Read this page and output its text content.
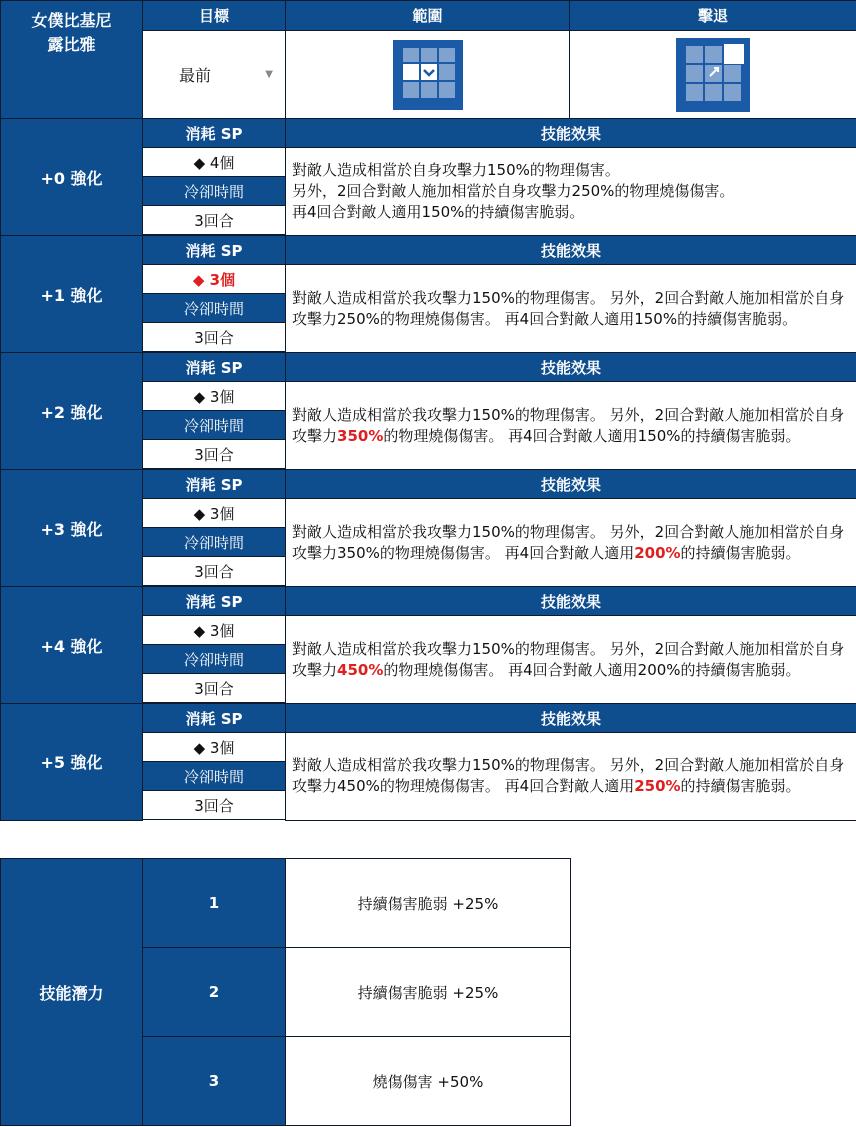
女僕比基尼
露比雅	目標	範圍	擊退

	最前 ▼

+0 強化	消耗 SP	技能效果	
	◆ 4個	對敵人造成相當於自身攻擊力150%的物理傷害。
另外，2回合對敵人施加相當於自身攻擊力250%的物理燒傷傷害。
再4回合對敵人適用150%的持續傷害脆弱。	
	冷卻時間		
	3回合		

+1 強化	消耗 SP	技能效果	
	◆ 3個	對敵人造成相當於我攻擊力150%的物理傷害。 另外，2回合對敵人施加相當於自身攻擊力250%的物理燒傷傷害。 再4回合對敵人適用150%的持續傷害脆弱。	
	冷卻時間		
	3回合		

+2 強化	消耗 SP	技能效果	
	◆ 3個	對敵人造成相當於我攻擊力150%的物理傷害。 另外，2回合對敵人施加相當於自身攻擊力350%的物理燒傷傷害。 再4回合對敵人適用150%的持續傷害脆弱。	
	冷卻時間		
	3回合		

+3 強化	消耗 SP	技能效果	
	◆ 3個	對敵人造成相當於我攻擊力150%的物理傷害。 另外，2回合對敵人施加相當於自身攻擊力350%的物理燒傷傷害。 再4回合對敵人適用200%的持續傷害脆弱。	
	冷卻時間		
	3回合		

+4 強化	消耗 SP	技能效果	
	◆ 3個	對敵人造成相當於我攻擊力150%的物理傷害。 另外，2回合對敵人施加相當於自身攻擊力450%的物理燒傷傷害。 再4回合對敵人適用200%的持續傷害脆弱。	
	冷卻時間		
	3回合		

+5 強化	消耗 SP	技能效果	
	◆ 3個	對敵人造成相當於我攻擊力150%的物理傷害。 另外，2回合對敵人施加相當於自身攻擊力450%的物理燒傷傷害。 再4回合對敵人適用250%的持續傷害脆弱。	
	冷卻時間		
	3回合		

技能潛力	1	持續傷害脆弱 +25%
	2	持續傷害脆弱 +25%
	3	燒傷傷害 +50%
